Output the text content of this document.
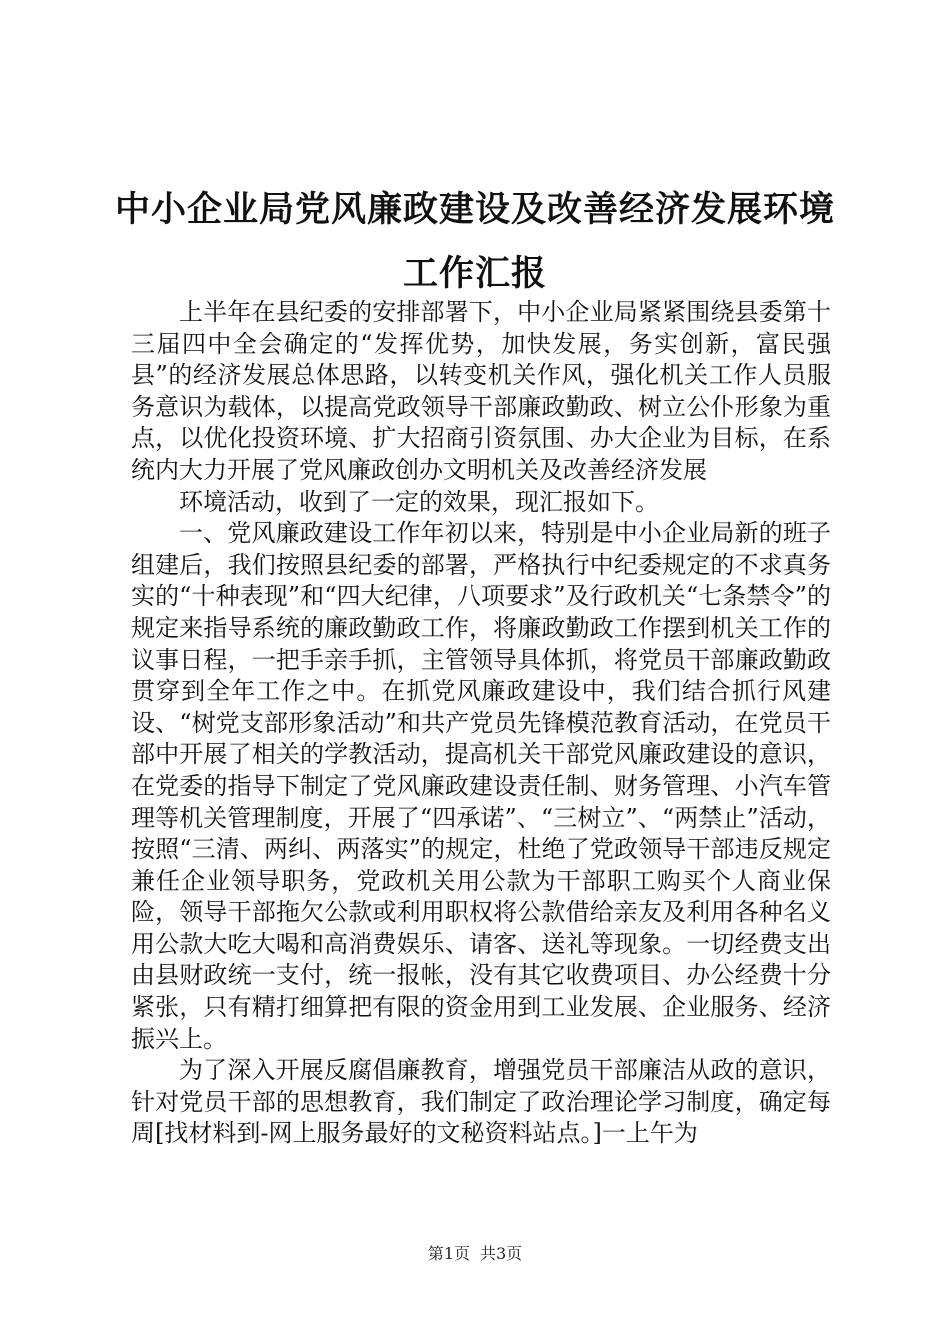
中小企业局党风廉政建设及改善经济发展环境
工作汇报

上半年在县纪委的安排部署下，中小企业局紧紧围绕县委第十三届四中全会确定的“发挥优势，加快发展，务实创新，富民强县”的经济发展总体思路，以转变机关作风，强化机关工作人员服务意识为载体，以提高党政领导干部廉政勤政、树立公仆形象为重点，以优化投资环境、扩大招商引资氛围、办大企业为目标，在系统内大力开展了党风廉政创办文明机关及改善经济发展

环境活动，收到了一定的效果，现汇报如下。

一、党风廉政建设工作年初以来，特别是中小企业局新的班子组建后，我们按照县纪委的部署，严格执行中纪委规定的不求真务实的“十种表现”和“四大纪律，八项要求”及行政机关“七条禁令”的规定来指导系统的廉政勤政工作，将廉政勤政工作摆到机关工作的议事日程，一把手亲手抓，主管领导具体抓，将党员干部廉政勤政贯穿到全年工作之中。在抓党风廉政建设中，我们结合抓行风建设、“树党支部形象活动”和共产党员先锋模范教育活动，在党员干部中开展了相关的学教活动，提高机关干部党风廉政建设的意识，在党委的指导下制定了党风廉政建设责任制、财务管理、小汽车管理等机关管理制度，开展了“四承诺”、“三树立”、“两禁止”活动，按照“三清、两纠、两落实”的规定，杜绝了党政领导干部违反规定兼任企业领导职务，党政机关用公款为干部职工购买个人商业保险，领导干部拖欠公款或利用职权将公款借给亲友及利用各种名义用公款大吃大喝和高消费娱乐、请客、送礼等现象。一切经费支出由县财政统一支付，统一报帐，没有其它收费项目、办公经费十分紧张，只有精打细算把有限的资金用到工业发展、企业服务、经济振兴上。

为了深入开展反腐倡廉教育，增强党员干部廉洁从政的意识，针对党员干部的思想教育，我们制定了政治理论学习制度，确定每周[找材料到-网上服务最好的文秘资料站点。]一上午为

第1页 共3页
